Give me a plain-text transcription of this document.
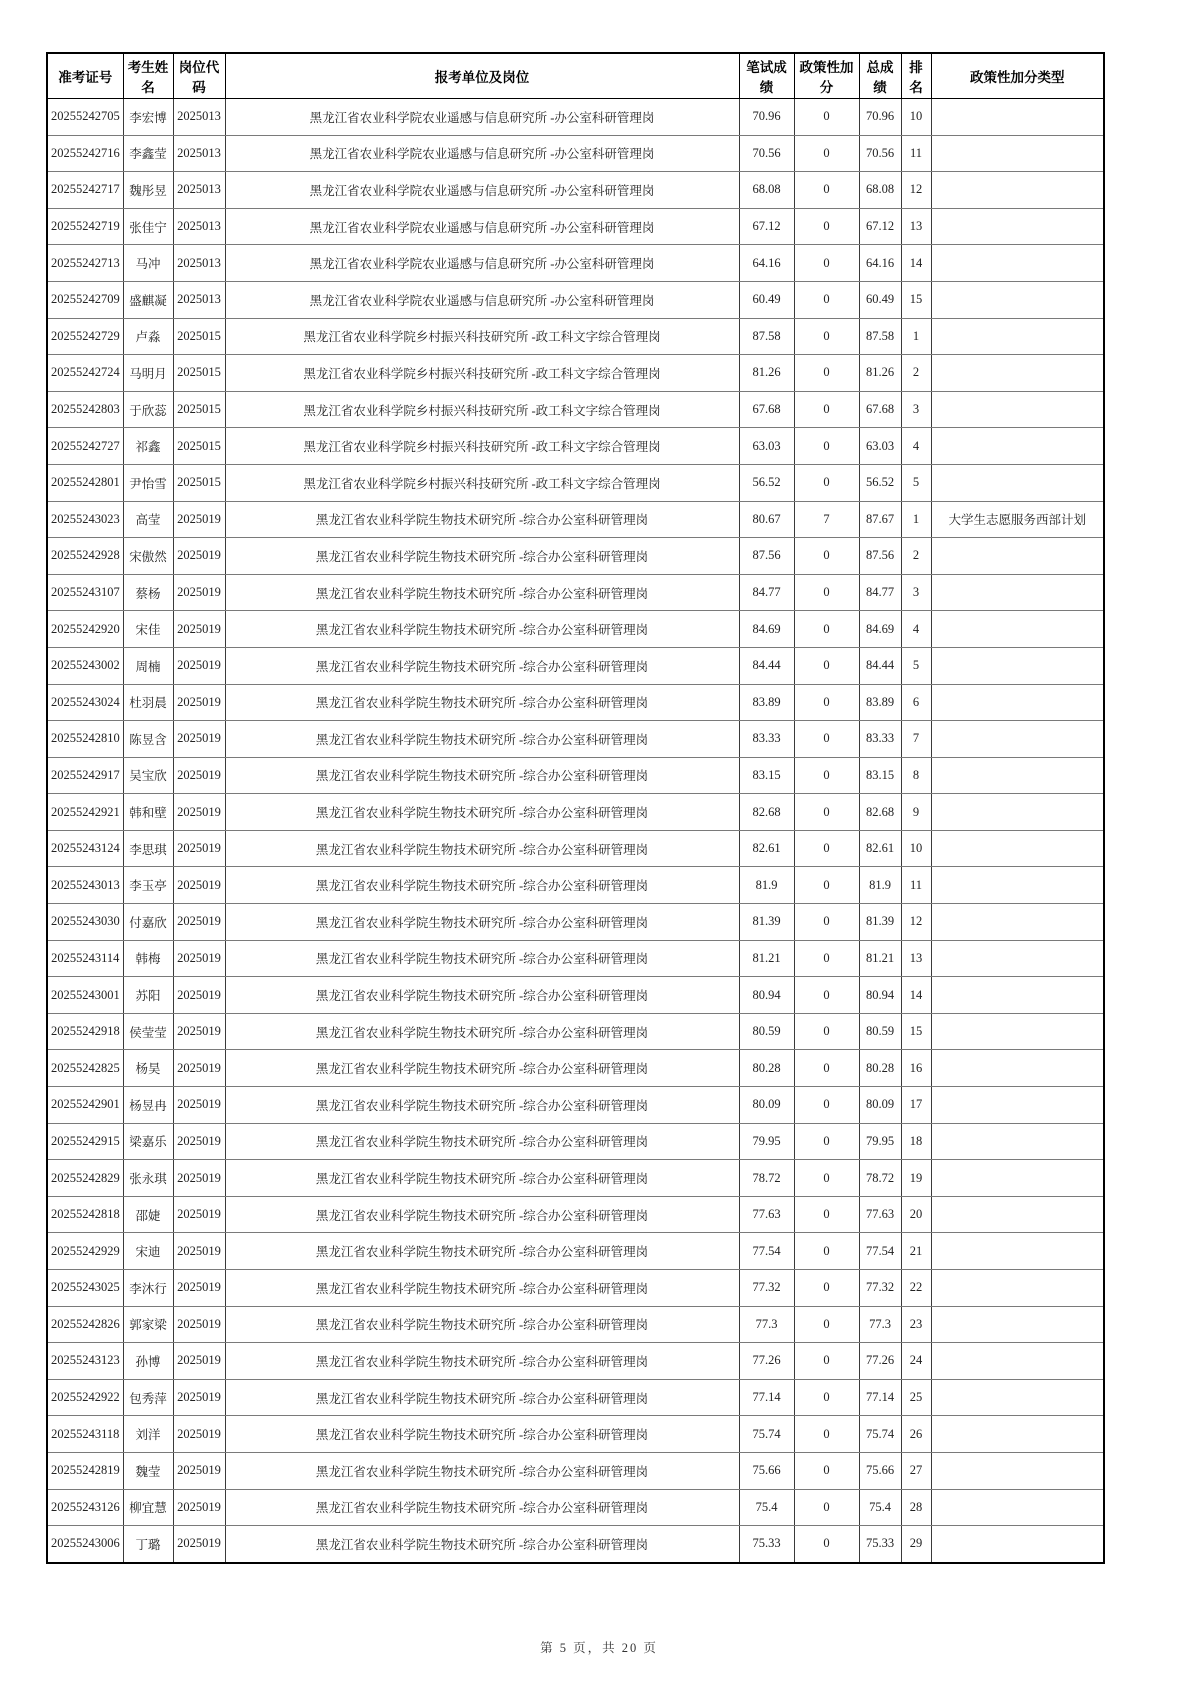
准考证号	考生姓名	岗位代码	报考单位及岗位	笔试成绩	政策性加分	总成绩	排名	政策性加分类型
20255242705	李宏博	2025013	黑龙江省农业科学院农业遥感与信息研究所 -办公室科研管理岗	70.96	0	70.96	10	
20255242716	李鑫莹	2025013	黑龙江省农业科学院农业遥感与信息研究所 -办公室科研管理岗	70.56	0	70.56	11	
20255242717	魏彤昱	2025013	黑龙江省农业科学院农业遥感与信息研究所 -办公室科研管理岗	68.08	0	68.08	12	
20255242719	张佳宁	2025013	黑龙江省农业科学院农业遥感与信息研究所 -办公室科研管理岗	67.12	0	67.12	13	
20255242713	马冲	2025013	黑龙江省农业科学院农业遥感与信息研究所 -办公室科研管理岗	64.16	0	64.16	14	
20255242709	盛麒凝	2025013	黑龙江省农业科学院农业遥感与信息研究所 -办公室科研管理岗	60.49	0	60.49	15	
20255242729	卢淼	2025015	黑龙江省农业科学院乡村振兴科技研究所 -政工科文字综合管理岗	87.58	0	87.58	1	
20255242724	马明月	2025015	黑龙江省农业科学院乡村振兴科技研究所 -政工科文字综合管理岗	81.26	0	81.26	2	
20255242803	于欣蕊	2025015	黑龙江省农业科学院乡村振兴科技研究所 -政工科文字综合管理岗	67.68	0	67.68	3	
20255242727	祁鑫	2025015	黑龙江省农业科学院乡村振兴科技研究所 -政工科文字综合管理岗	63.03	0	63.03	4	
20255242801	尹怡雪	2025015	黑龙江省农业科学院乡村振兴科技研究所 -政工科文字综合管理岗	56.52	0	56.52	5	
20255243023	高莹	2025019	黑龙江省农业科学院生物技术研究所 -综合办公室科研管理岗	80.67	7	87.67	1	大学生志愿服务西部计划
20255242928	宋傲然	2025019	黑龙江省农业科学院生物技术研究所 -综合办公室科研管理岗	87.56	0	87.56	2	
20255243107	蔡杨	2025019	黑龙江省农业科学院生物技术研究所 -综合办公室科研管理岗	84.77	0	84.77	3	
20255242920	宋佳	2025019	黑龙江省农业科学院生物技术研究所 -综合办公室科研管理岗	84.69	0	84.69	4	
20255243002	周楠	2025019	黑龙江省农业科学院生物技术研究所 -综合办公室科研管理岗	84.44	0	84.44	5	
20255243024	杜羽晨	2025019	黑龙江省农业科学院生物技术研究所 -综合办公室科研管理岗	83.89	0	83.89	6	
20255242810	陈昱含	2025019	黑龙江省农业科学院生物技术研究所 -综合办公室科研管理岗	83.33	0	83.33	7	
20255242917	吴宝欣	2025019	黑龙江省农业科学院生物技术研究所 -综合办公室科研管理岗	83.15	0	83.15	8	
20255242921	韩和壁	2025019	黑龙江省农业科学院生物技术研究所 -综合办公室科研管理岗	82.68	0	82.68	9	
20255243124	李思琪	2025019	黑龙江省农业科学院生物技术研究所 -综合办公室科研管理岗	82.61	0	82.61	10	
20255243013	李玉亭	2025019	黑龙江省农业科学院生物技术研究所 -综合办公室科研管理岗	81.9	0	81.9	11	
20255243030	付嘉欣	2025019	黑龙江省农业科学院生物技术研究所 -综合办公室科研管理岗	81.39	0	81.39	12	
20255243114	韩梅	2025019	黑龙江省农业科学院生物技术研究所 -综合办公室科研管理岗	81.21	0	81.21	13	
20255243001	苏阳	2025019	黑龙江省农业科学院生物技术研究所 -综合办公室科研管理岗	80.94	0	80.94	14	
20255242918	侯莹莹	2025019	黑龙江省农业科学院生物技术研究所 -综合办公室科研管理岗	80.59	0	80.59	15	
20255242825	杨昊	2025019	黑龙江省农业科学院生物技术研究所 -综合办公室科研管理岗	80.28	0	80.28	16	
20255242901	杨昱冉	2025019	黑龙江省农业科学院生物技术研究所 -综合办公室科研管理岗	80.09	0	80.09	17	
20255242915	梁嘉乐	2025019	黑龙江省农业科学院生物技术研究所 -综合办公室科研管理岗	79.95	0	79.95	18	
20255242829	张永琪	2025019	黑龙江省农业科学院生物技术研究所 -综合办公室科研管理岗	78.72	0	78.72	19	
20255242818	邵婕	2025019	黑龙江省农业科学院生物技术研究所 -综合办公室科研管理岗	77.63	0	77.63	20	
20255242929	宋迪	2025019	黑龙江省农业科学院生物技术研究所 -综合办公室科研管理岗	77.54	0	77.54	21	
20255243025	李沐行	2025019	黑龙江省农业科学院生物技术研究所 -综合办公室科研管理岗	77.32	0	77.32	22	
20255242826	郭家梁	2025019	黑龙江省农业科学院生物技术研究所 -综合办公室科研管理岗	77.3	0	77.3	23	
20255243123	孙博	2025019	黑龙江省农业科学院生物技术研究所 -综合办公室科研管理岗	77.26	0	77.26	24	
20255242922	包秀萍	2025019	黑龙江省农业科学院生物技术研究所 -综合办公室科研管理岗	77.14	0	77.14	25	
20255243118	刘洋	2025019	黑龙江省农业科学院生物技术研究所 -综合办公室科研管理岗	75.74	0	75.74	26	
20255242819	魏莹	2025019	黑龙江省农业科学院生物技术研究所 -综合办公室科研管理岗	75.66	0	75.66	27	
20255243126	柳宜慧	2025019	黑龙江省农业科学院生物技术研究所 -综合办公室科研管理岗	75.4	0	75.4	28	
20255243006	丁璐	2025019	黑龙江省农业科学院生物技术研究所 -综合办公室科研管理岗	75.33	0	75.33	29	
第 5 页，共 20 页
